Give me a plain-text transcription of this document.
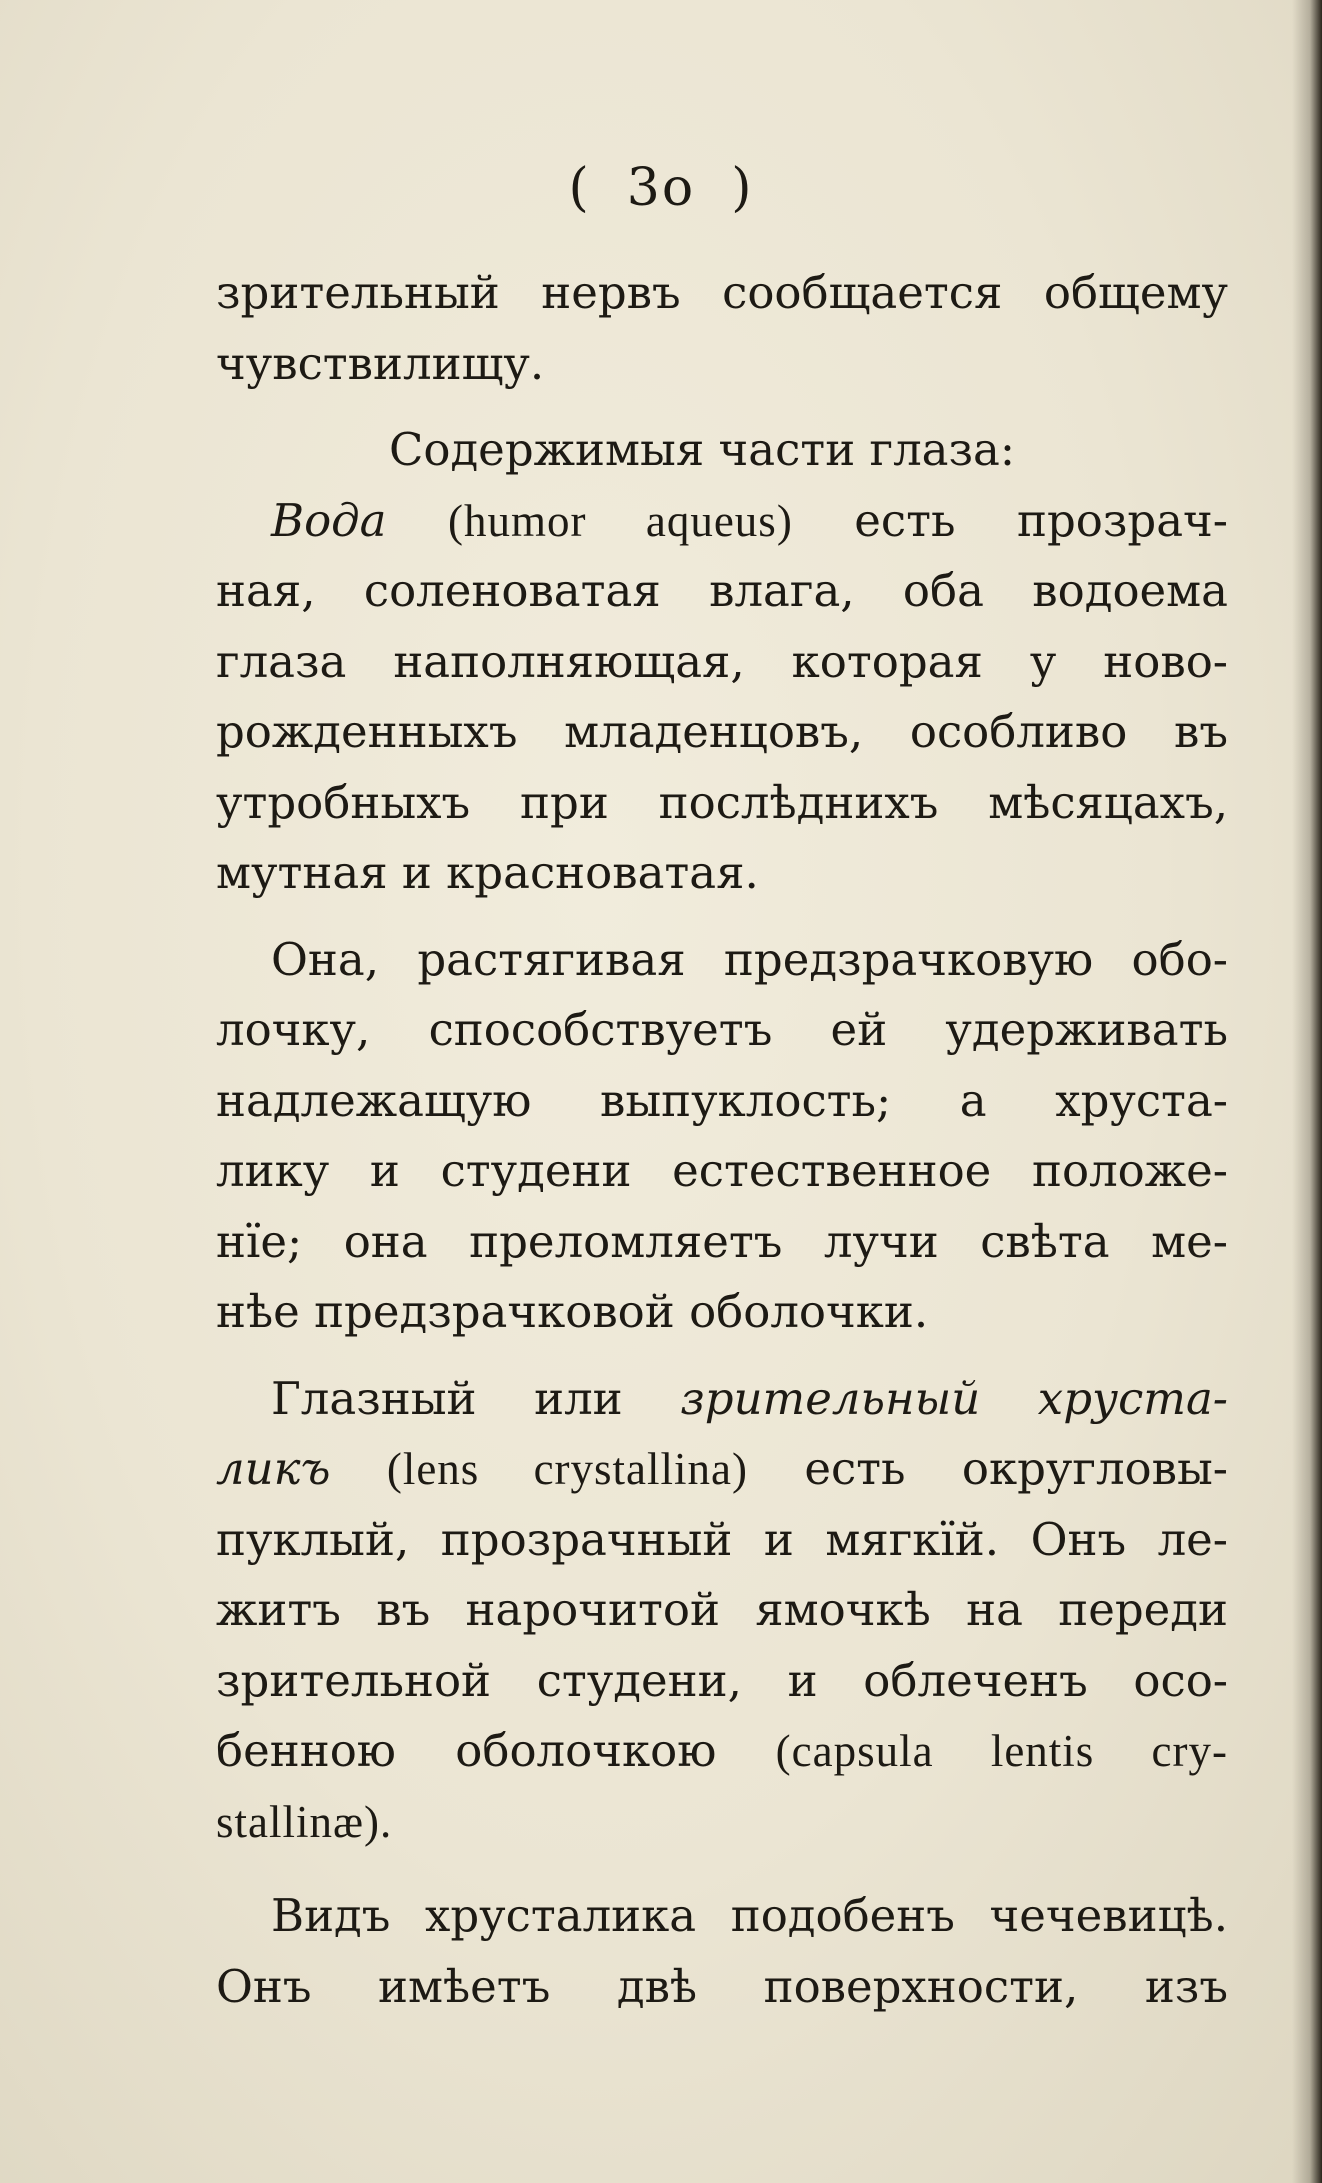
( 3o )
зрительный нервъ сообщается общему
чувствилищу.
Содержимыя части глаза:
Вода (humor aqueus) есть прозрач-
ная, соленоватая влага, оба водоема
глаза наполняющая, которая у ново-
рожденныхъ младенцовъ, особливо въ
утробныхъ при послѣднихъ мѣсяцахъ,
мутная и красноватая.
Она, растягивая предзрачковую обо-
лочку, способствуетъ ей удерживать
надлежащую выпуклость; а хруста-
лику и студени естественное положе-
нїе; она преломляетъ лучи свѣта ме-
нѣе предзрачковой оболочки.
Глазный или зрительный хруста-
ликъ (lens crystallina) есть округловы-
пуклый, прозрачный и мягкїй. Онъ ле-
житъ въ нарочитой ямочкѣ на переди
зрительной студени, и облеченъ осо-
бенною оболочкою (capsula lentis cry-
stallinæ).
Видъ хрусталика подобенъ чечевицѣ.
Онъ имѣетъ двѣ поверхности, изъ
